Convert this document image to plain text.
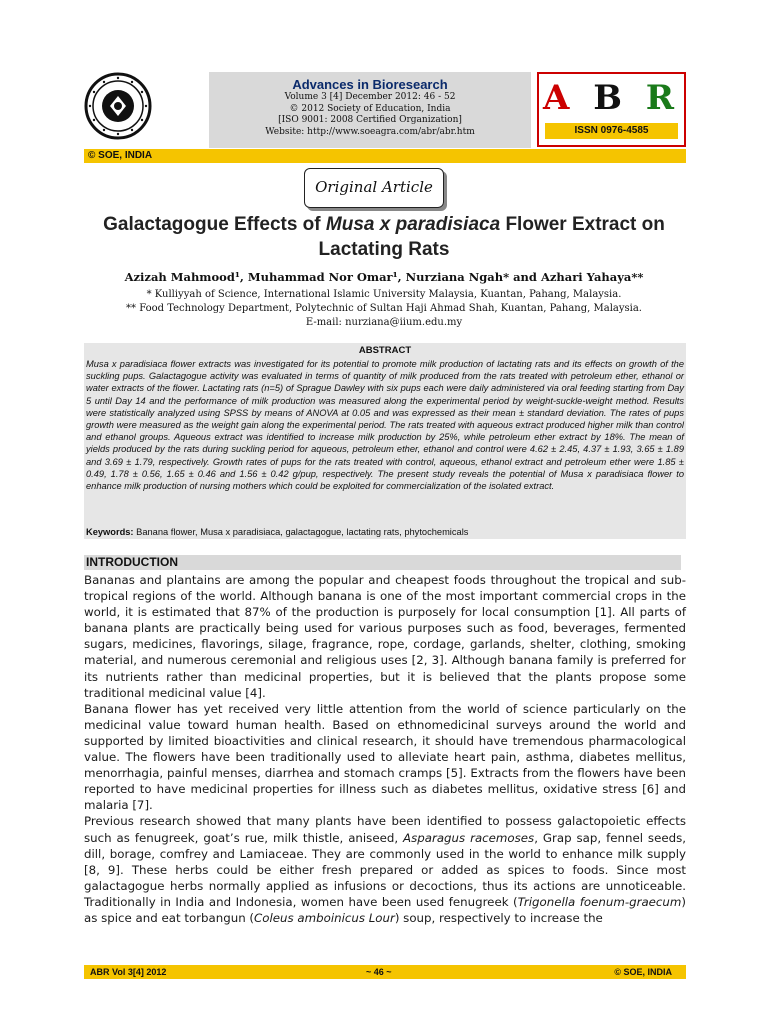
Advances in Bioresearch
Volume 3 [4] December 2012: 46 - 52
© 2012 Society of Education, India
[ISO 9001: 2008 Certified Organization]
Website: http://www.soeagra.com/abr/abr.htm
A B R
ISSN 0976-4585
© SOE, INDIA
Original Article
Galactagogue Effects of Musa x paradisiaca Flower Extract on Lactating Rats
Azizah Mahmood¹, Muhammad Nor Omar¹, Nurziana Ngah* and Azhari Yahaya**
* Kulliyyah of Science, International Islamic University Malaysia, Kuantan, Pahang, Malaysia.
** Food Technology Department, Polytechnic of Sultan Haji Ahmad Shah, Kuantan, Pahang, Malaysia.
E-mail: nurziana@iium.edu.my
ABSTRACT
Musa x paradisiaca flower extracts was investigated for its potential to promote milk production of lactating rats and its effects on growth of the suckling pups. Galactagogue activity was evaluated in terms of quantity of milk produced from the rats treated with petroleum ether, ethanol or water extracts of the flower. Lactating rats (n=5) of Sprague Dawley with six pups each were daily administered via oral feeding starting from Day 5 until Day 14 and the performance of milk production was measured along the experimental period by weight-suckle-weight method. Results were statistically analyzed using SPSS by means of ANOVA at 0.05 and was expressed as their mean ± standard deviation. The rates of pups growth were measured as the weight gain along the experimental period. The rats treated with aqueous extract produced higher milk than control and ethanol groups. Aqueous extract was identified to increase milk production by 25%, while petroleum ether extract by 18%. The mean of yields produced by the rats during suckling period for aqueous, petroleum ether, ethanol and control were 4.62 ± 2.45, 4.37 ± 1.93, 3.65 ± 1.89 and 3.69 ± 1.79, respectively. Growth rates of pups for the rats treated with control, aqueous, ethanol extract and petroleum ether were 1.85 ± 0.49, 1.78 ± 0.56, 1.65 ± 0.46 and 1.56 ± 0.42 g/pup, respectively. The present study reveals the potential of Musa x paradisiaca flower to enhance milk production of nursing mothers which could be exploited for commercialization of the isolated extract.
Keywords: Banana flower, Musa x paradisiaca, galactagogue, lactating rats, phytochemicals
INTRODUCTION

Bananas and plantains are among the popular and cheapest foods throughout the tropical and sub-tropical regions of the world. Although banana is one of the most important commercial crops in the world, it is estimated that 87% of the production is purposely for local consumption [1]. All parts of banana plants are practically being used for various purposes such as food, beverages, fermented sugars, medicines, flavorings, silage, fragrance, rope, cordage, garlands, shelter, clothing, smoking material, and numerous ceremonial and religious uses [2, 3]. Although banana family is preferred for its nutrients rather than medicinal properties, but it is believed that the plants propose some traditional medicinal value [4].

Banana flower has yet received very little attention from the world of science particularly on the medicinal value toward human health. Based on ethnomedicinal surveys around the world and supported by limited bioactivities and clinical research, it should have tremendous pharmacological value. The flowers have been traditionally used to alleviate heart pain, asthma, diabetes mellitus, menorrhagia, painful menses, diarrhea and stomach cramps [5]. Extracts from the flowers have been reported to have medicinal properties for illness such as diabetes mellitus, oxidative stress [6] and malaria [7].

Previous research showed that many plants have been identified to possess galactopoietic effects such as fenugreek, goat’s rue, milk thistle, aniseed, Asparagus racemoses, Grap sap, fennel seeds, dill, borage, comfrey and Lamiaceae. They are commonly used in the world to enhance milk supply [8, 9]. These herbs could be either fresh prepared or added as spices to foods. Since most galactagogue herbs normally applied as infusions or decoctions, thus its actions are unnoticeable. Traditionally in India and Indonesia, women have been used fenugreek (Trigonella foenum-graecum) as spice and eat torbangun (Coleus amboinicus Lour) soup, respectively to increase the

ABR Vol 3[4] 2012	~ 46 ~	© SOE, INDIA
